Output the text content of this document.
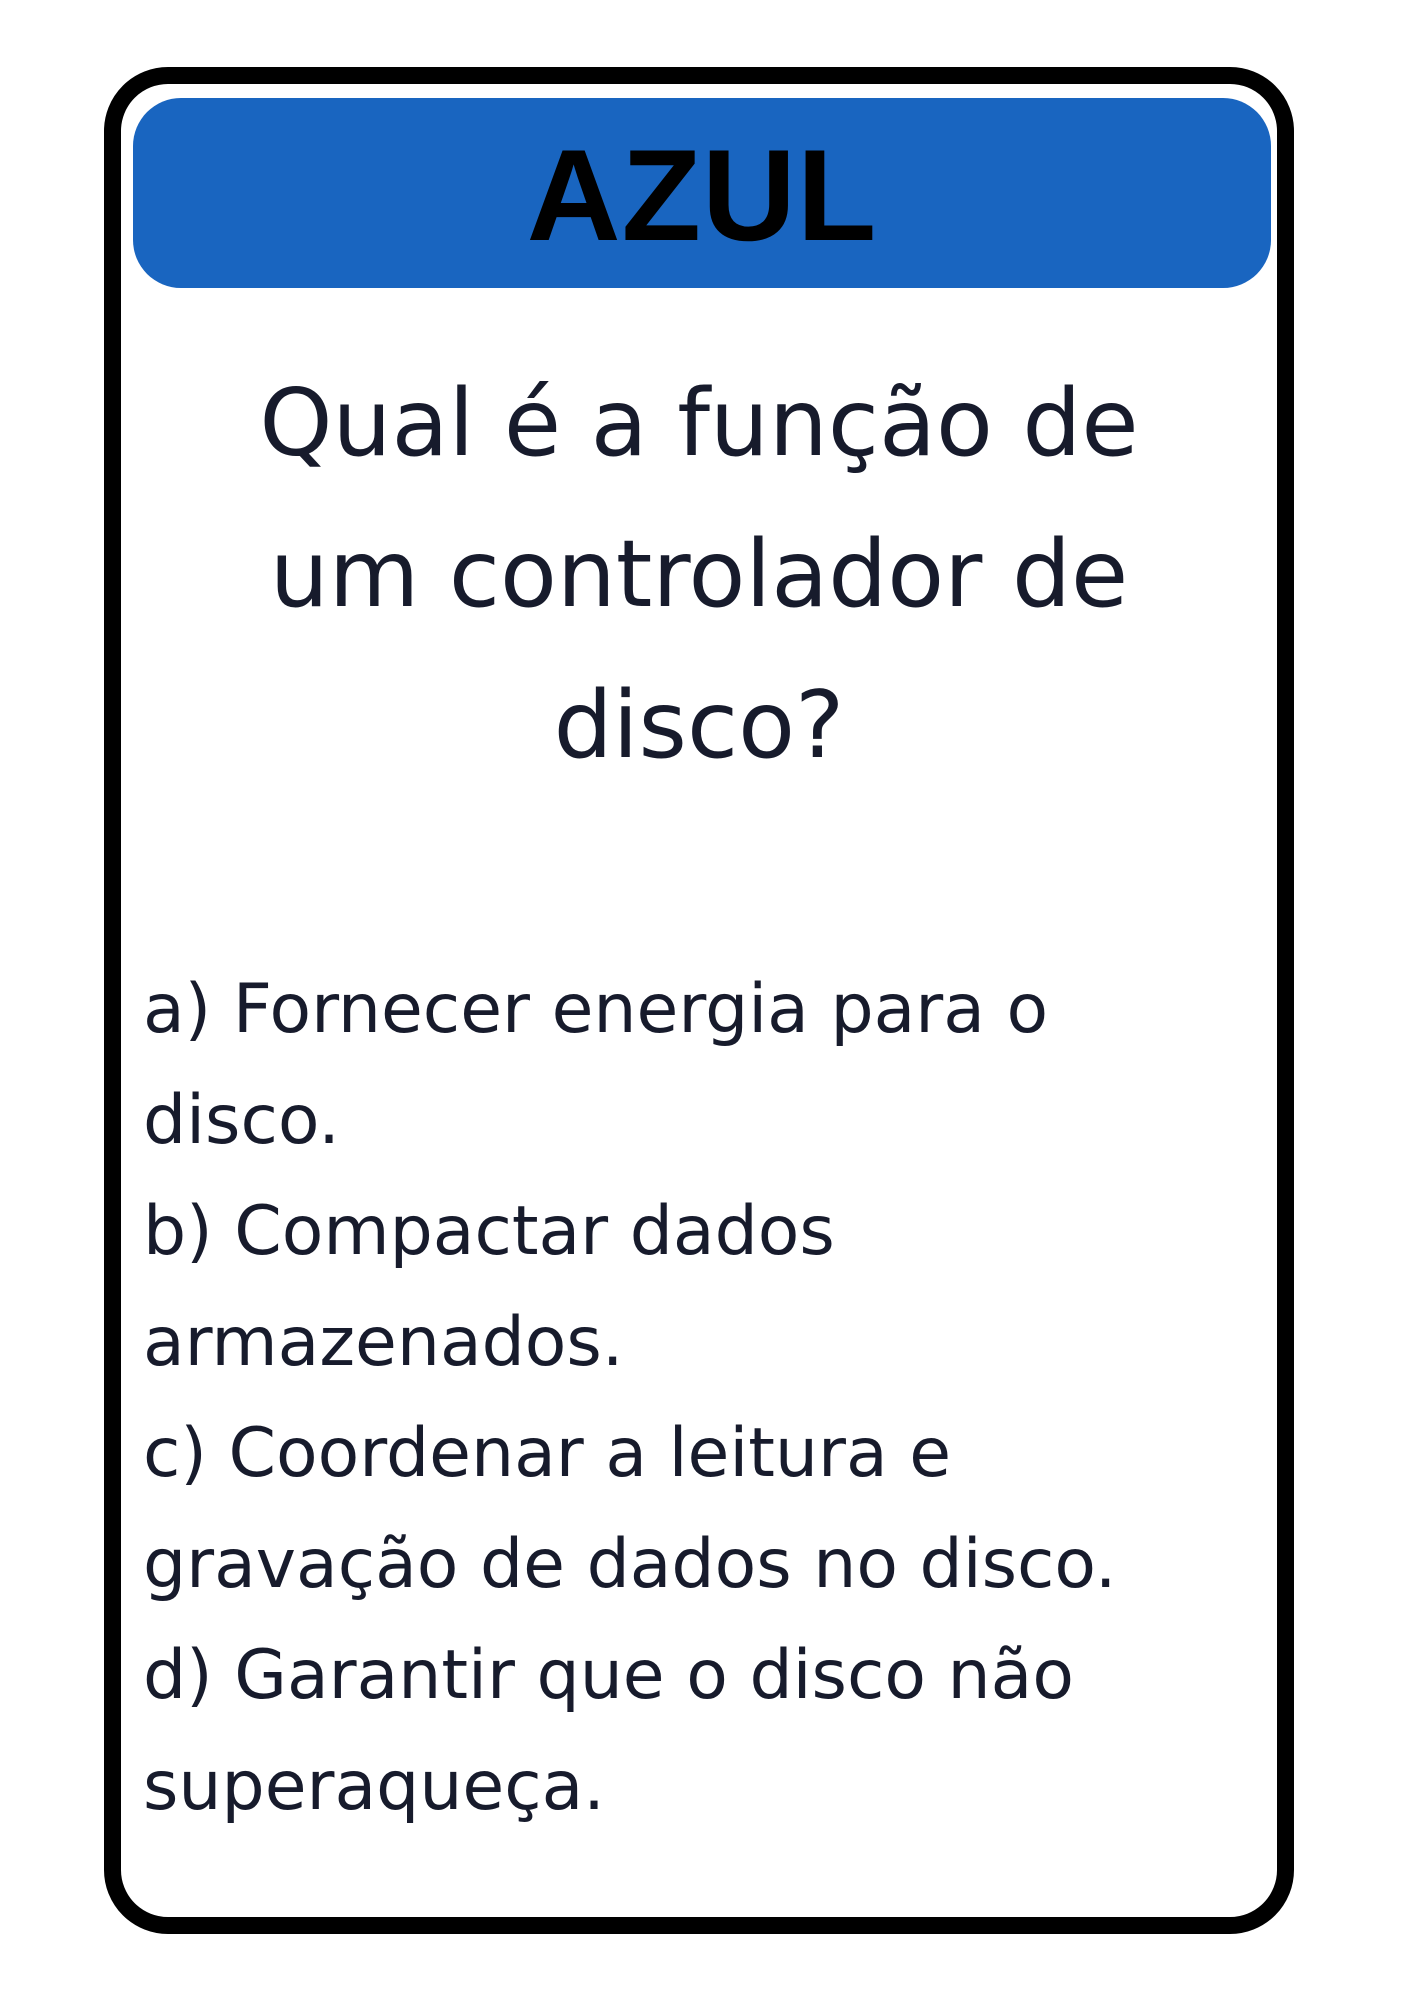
AZUL
Qual é a função de
um controlador de
disco?
a) Fornecer energia para o disco.
b) Compactar dados armazenados.
c) Coordenar a leitura e gravação de dados no disco.
d) Garantir que o disco não superaqueça.
